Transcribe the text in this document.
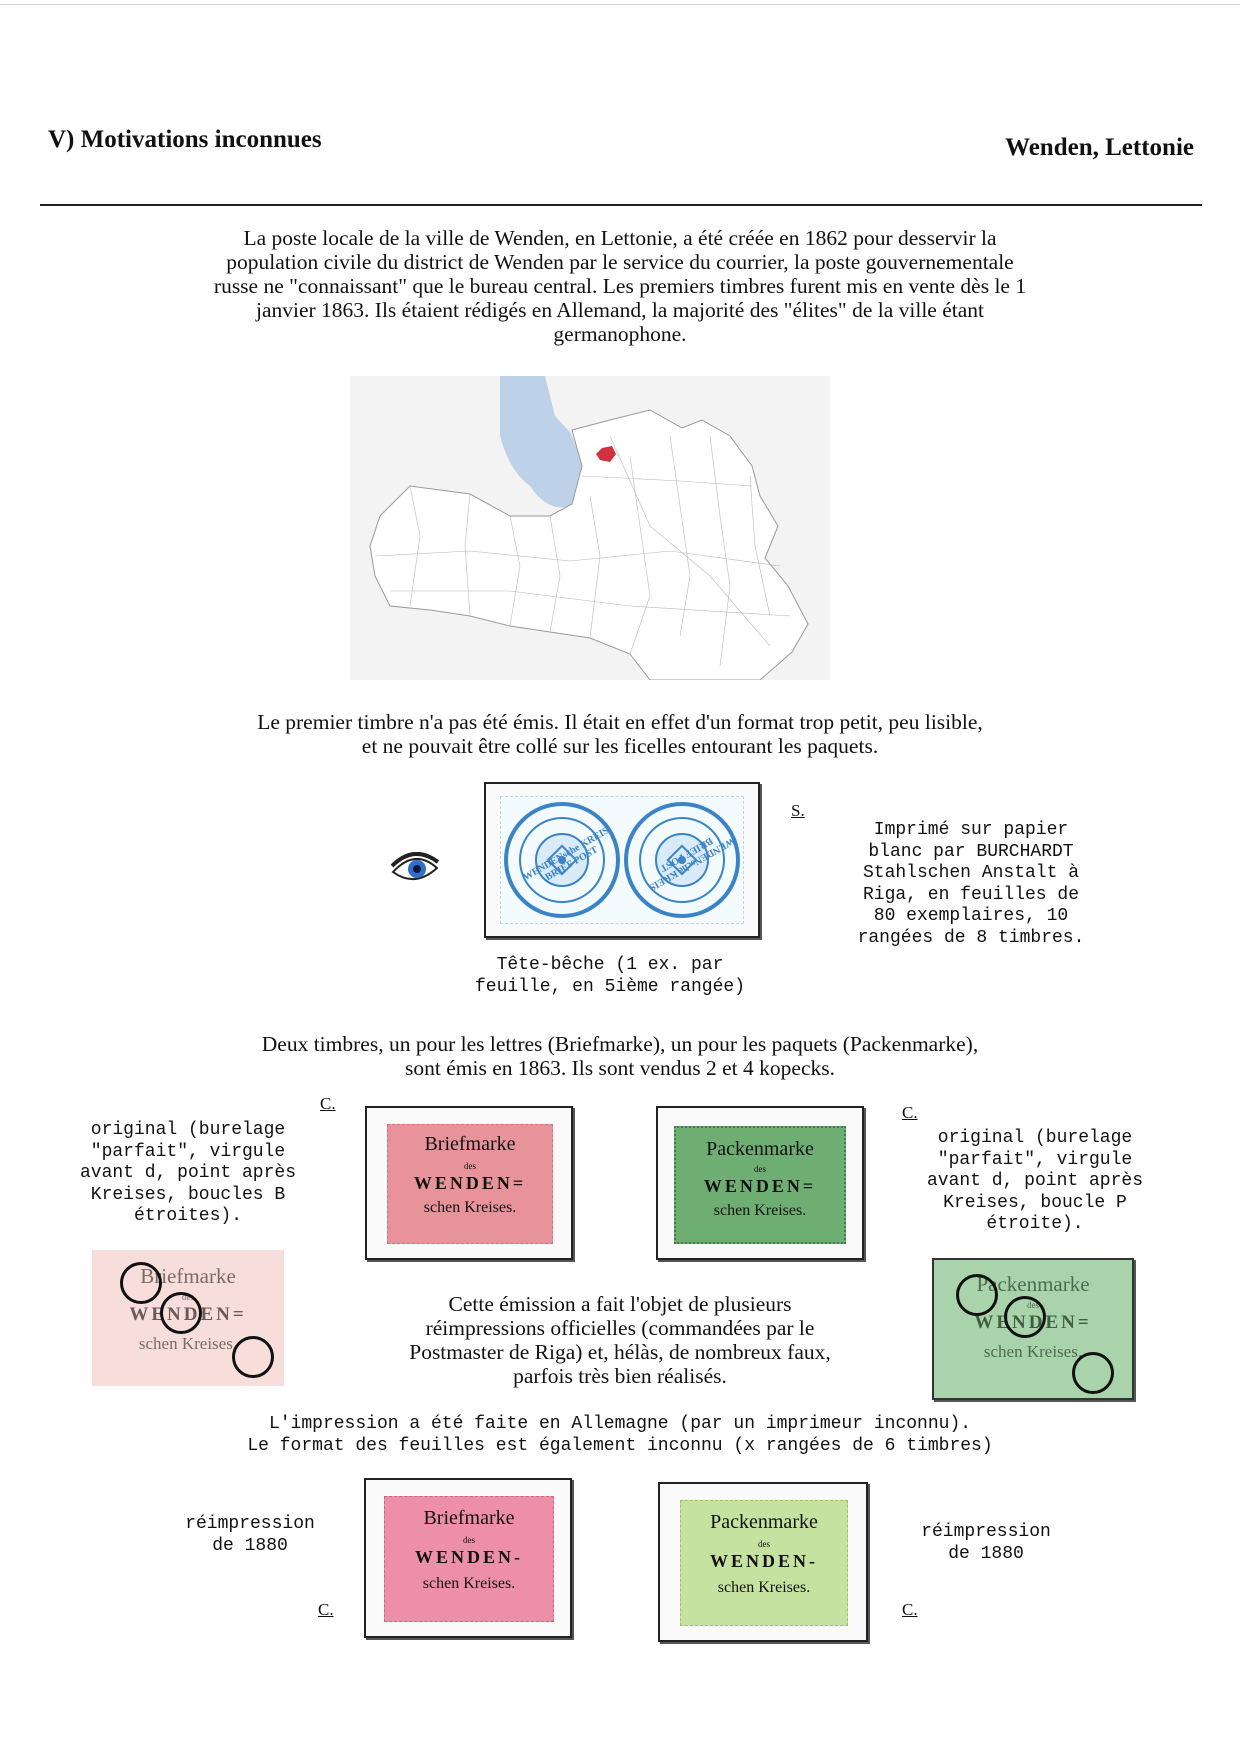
V) Motivations inconnues	Wenden, Lettonie
La poste locale de la ville de Wenden, en Lettonie, a été créée en 1862 pour desservir la
population civile du district de Wenden par le service du courrier, la poste gouvernementale
russe ne "connaissant" que le bureau central. Les premiers timbres furent mis en vente dès le 1
janvier 1863. Ils étaient rédigés en Allemand, la majorité des "élites" de la ville étant
germanophone.
Le premier timbre n'a pas été émis. Il était en effet d'un format trop petit, peu lisible,
et ne pouvait être collé sur les ficelles entourant les paquets.
WENDENsche KREIS BRIEF POST	WENDENsche KREIS BRIEF POST
S.
Imprimé sur papier
blanc par BURCHARDT
Stahlschen Anstalt à
Riga, en feuilles de
80 exemplaires, 10
rangées de 8 timbres.
Tête-bêche (1 ex. par
feuille, en 5ième rangée)
Deux timbres, un pour les lettres (Briefmarke), un pour les paquets (Packenmarke),
sont émis en 1863. Ils sont vendus 2 et 4 kopecks.
C.	C.
original (burelage
"parfait", virgule
avant d, point après
Kreises, boucles B
étroites).
original (burelage
"parfait", virgule
avant d, point après
Kreises, boucle P
étroite).
Briefmarke
des
WENDEN=
schen Kreises.
Packenmarke
des
WENDEN=
schen Kreises.
Briefmarke
des
WENDEN=
schen Kreises.
Cette émission a fait l'objet de plusieurs
réimpressions officielles (commandées par le
Postmaster de Riga) et, hélàs, de nombreux faux,
parfois très bien réalisés.
Packenmarke
des
WENDEN=
schen Kreises.
L'impression a été faite en Allemagne (par un imprimeur inconnu).
Le format des feuilles est également inconnu (x rangées de 6 timbres)
réimpression
de 1880
Briefmarke
des
WENDEN-
schen Kreises.
Packenmarke
des
WENDEN-
schen Kreises.
réimpression
de 1880
C.	C.
